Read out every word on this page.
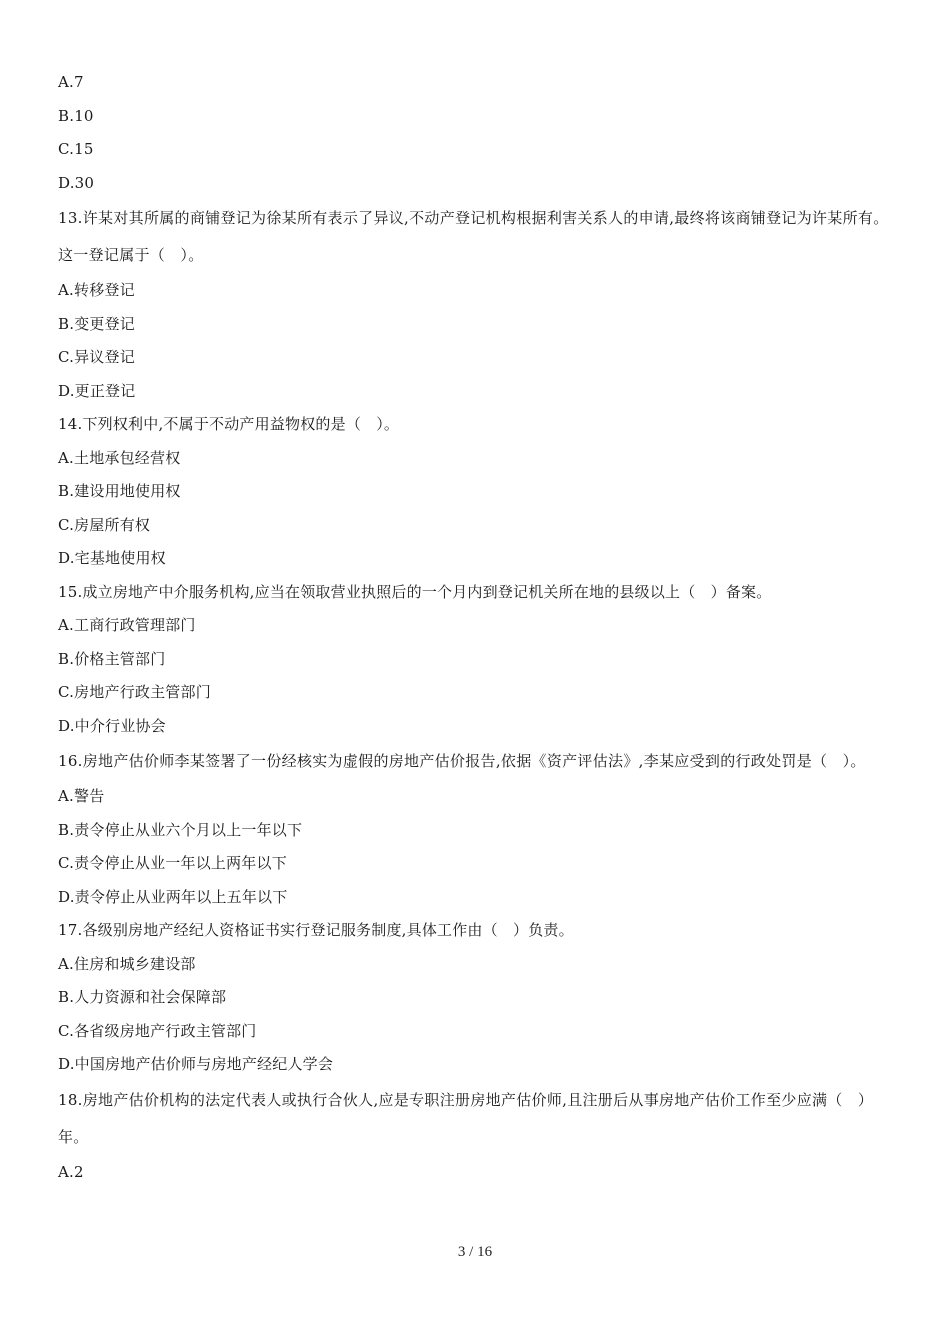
A.7
B.10
C.15
D.30
13.许某对其所属的商铺登记为徐某所有表示了异议,不动产登记机构根据利害关系人的申请,最终将该商铺登记为许某所有。这一登记属于（　）。
A.转移登记
B.变更登记
C.异议登记
D.更正登记
14.下列权利中,不属于不动产用益物权的是（　）。
A.土地承包经营权
B.建设用地使用权
C.房屋所有权
D.宅基地使用权
15.成立房地产中介服务机构,应当在领取营业执照后的一个月内到登记机关所在地的县级以上（　）备案。
A.工商行政管理部门
B.价格主管部门
C.房地产行政主管部门
D.中介行业协会
16.房地产估价师李某签署了一份经核实为虚假的房地产估价报告,依据《资产评估法》,李某应受到的行政处罚是（　）。
A.警告
B.责令停止从业六个月以上一年以下
C.责令停止从业一年以上两年以下
D.责令停止从业两年以上五年以下
17.各级别房地产经纪人资格证书实行登记服务制度,具体工作由（　）负责。
A.住房和城乡建设部
B.人力资源和社会保障部
C.各省级房地产行政主管部门
D.中国房地产估价师与房地产经纪人学会
18.房地产估价机构的法定代表人或执行合伙人,应是专职注册房地产估价师,且注册后从事房地产估价工作至少应满（　）年。
A.2
3 / 16
